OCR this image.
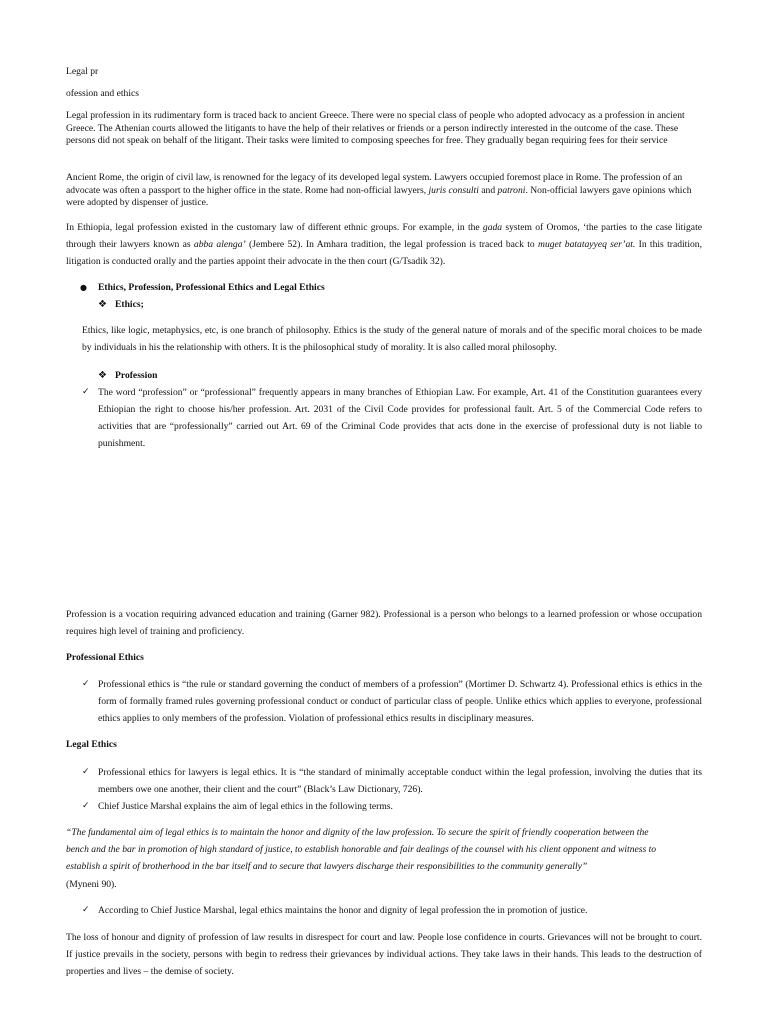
Legal pr

ofession and ethics

Legal profession in its rudimentary form is traced back to ancient Greece. There were no special class of people who adopted advocacy as a profession in ancient Greece. The Athenian courts allowed the litigants to have the help of their relatives or friends or a person indirectly interested in the outcome of the case. These persons did not speak on behalf of the litigant. Their tasks were limited to composing speeches for free. They gradually began requiring fees for their service

Ancient Rome, the origin of civil law, is renowned for the legacy of its developed legal system. Lawyers occupied foremost place in Rome. The profession of an advocate was often a passport to the higher office in the state. Rome had non-official lawyers, juris consulti and patroni. Non-official lawyers gave opinions which were adopted by dispenser of justice.

In Ethiopia, legal profession existed in the customary law of different ethnic groups. For example, in the gada system of Oromos, ‘the parties to the case litigate through their lawyers known as abba alenga’ (Jembere 52). In Amhara tradition, the legal profession is traced back to muget batatayyeq ser’at. In this tradition, litigation is conducted orally and the parties appoint their advocate in the then court (G/Tsadik 32).

● Ethics, Profession, Professional Ethics and Legal Ethics
❖ Ethics;

Ethics, like logic, metaphysics, etc, is one branch of philosophy. Ethics is the study of the general nature of morals and of the specific moral choices to be made by individuals in his the relationship with others. It is the philosophical study of morality. It is also called moral philosophy.

❖ Profession
✓ The word “profession” or “professional” frequently appears in many branches of Ethiopian Law. For example, Art. 41 of the Constitution guarantees every Ethiopian the right to choose his/her profession. Art. 2031 of the Civil Code provides for professional fault. Art. 5 of the Commercial Code refers to activities that are “professionally” carried out Art. 69 of the Criminal Code provides that acts done in the exercise of professional duty is not liable to punishment.

Profession is a vocation requiring advanced education and training (Garner 982). Professional is a person who belongs to a learned profession or whose occupation requires high level of training and proficiency.

Professional Ethics

✓ Professional ethics is “the rule or standard governing the conduct of members of a profession” (Mortimer D. Schwartz 4). Professional ethics is ethics in the form of formally framed rules governing professional conduct or conduct of particular class of people. Unlike ethics which applies to everyone, professional ethics applies to only members of the profession. Violation of professional ethics results in disciplinary measures.

Legal Ethics

✓ Professional ethics for lawyers is legal ethics. It is “the standard of minimally acceptable conduct within the legal profession, involving the duties that its members owe one another, their client and the court” (Black’s Law Dictionary, 726).
✓ Chief Justice Marshal explains the aim of legal ethics in the following terms.

“The fundamental aim of legal ethics is to maintain the honor and dignity of the law profession. To secure the spirit of friendly cooperation between the bench and the bar in promotion of high standard of justice, to establish honorable and fair dealings of the counsel with his client opponent and witness to establish a spirit of brotherhood in the bar itself and to secure that lawyers discharge their responsibilities to the community generally”
(Myneni 90).

✓ According to Chief Justice Marshal, legal ethics maintains the honor and dignity of legal profession the in promotion of justice.

The loss of honour and dignity of profession of law results in disrespect for court and law. People lose confidence in courts. Grievances will not be brought to court. If justice prevails in the society, persons with begin to redress their grievances by individual actions. They take laws in their hands. This leads to the destruction of properties and lives – the demise of society.
